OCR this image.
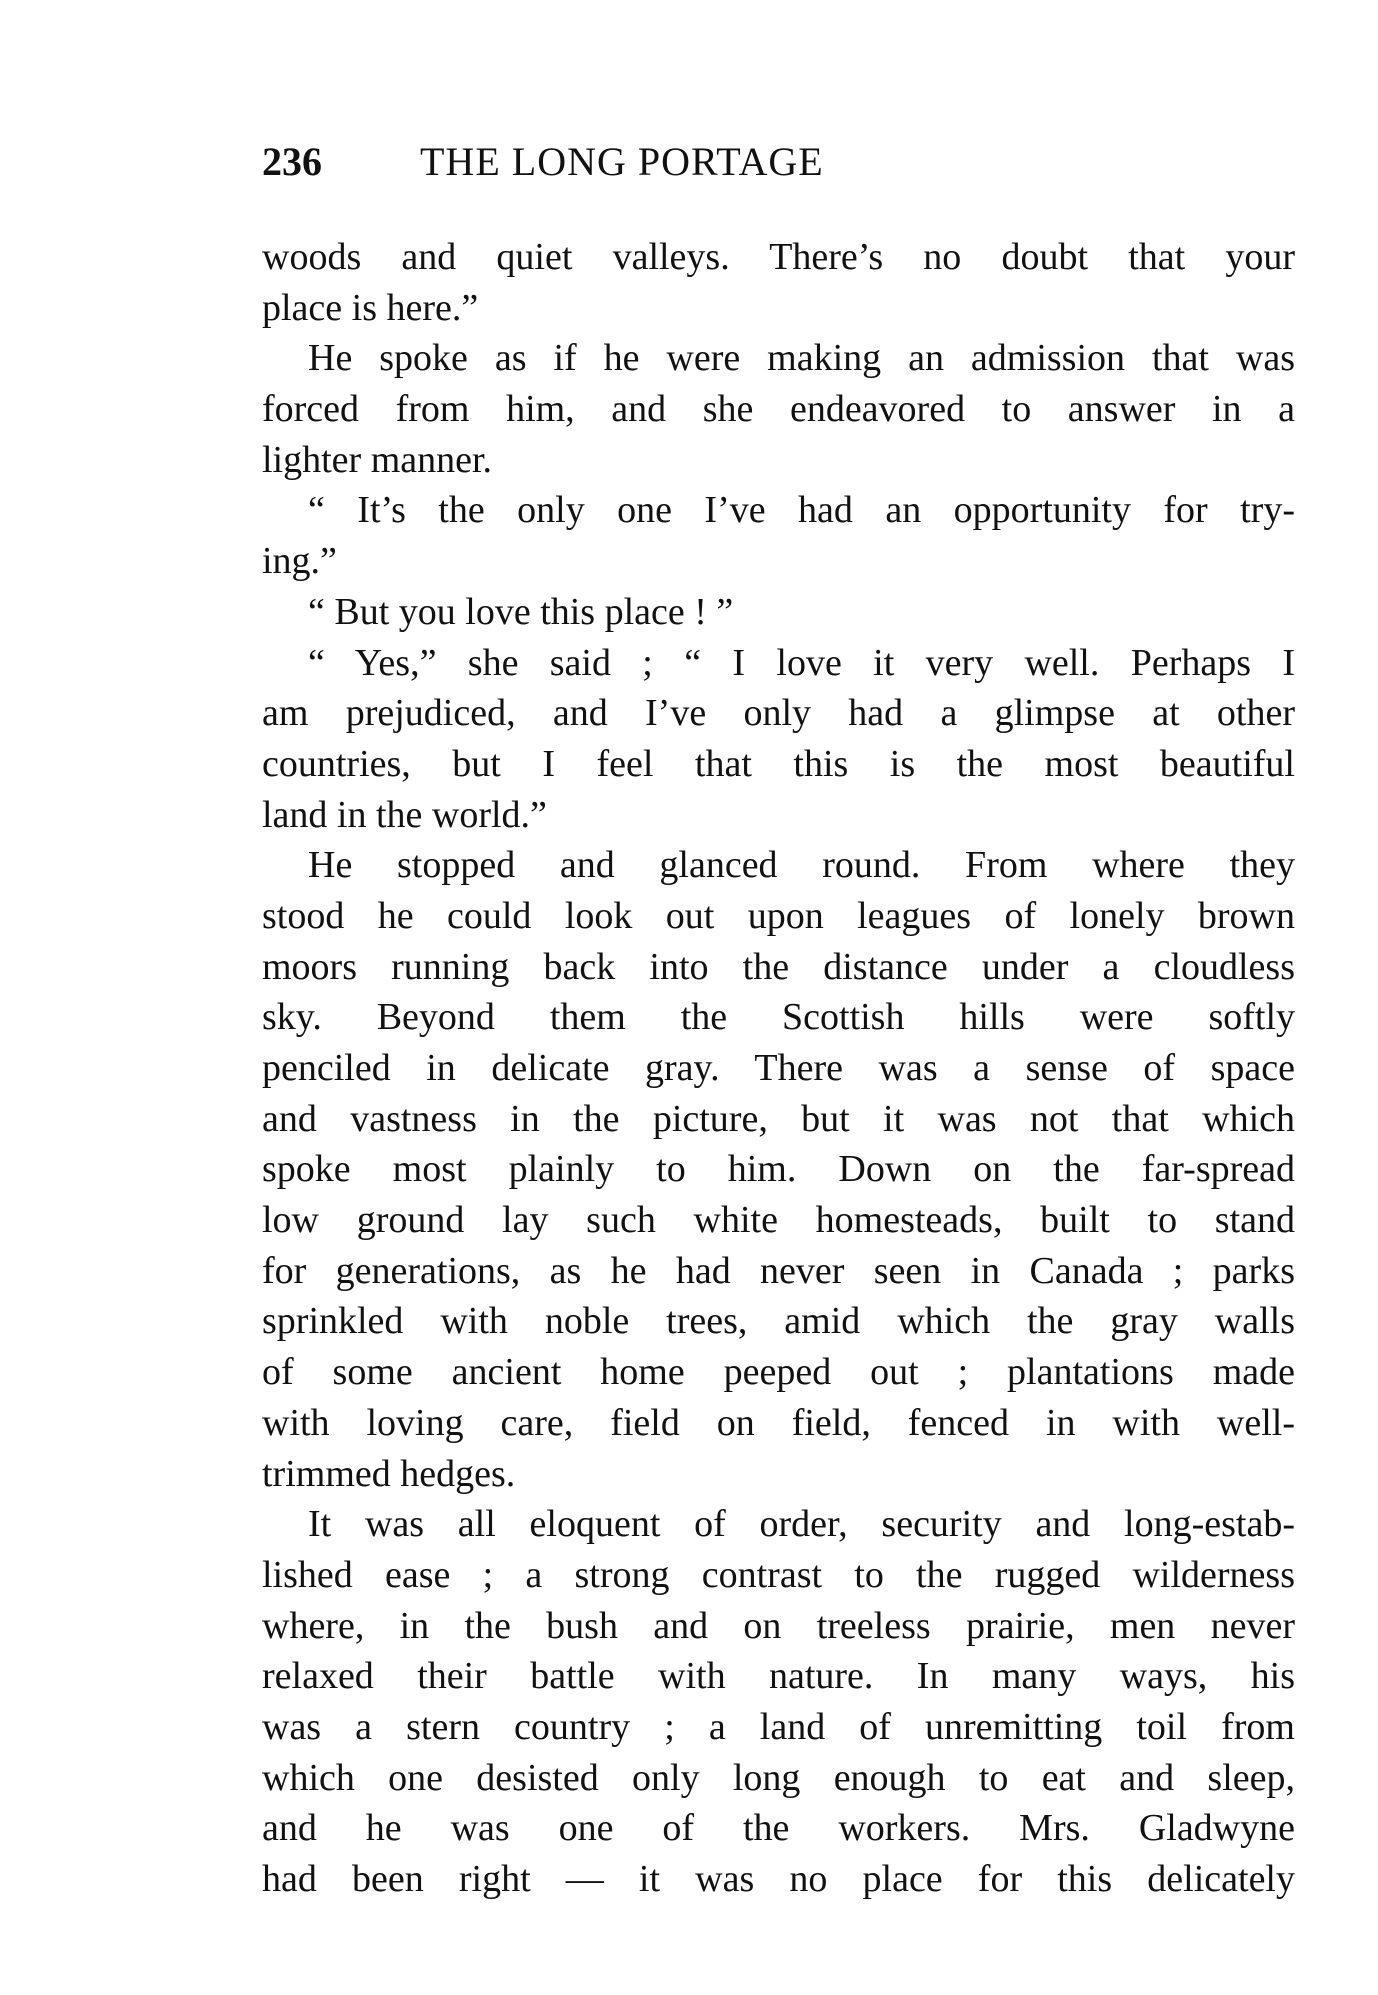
236 THE LONG PORTAGE
woods and quiet valleys. There’s no doubt that your
place is here.”
He spoke as if he were making an admission that was
forced from him, and she endeavored to answer in a
lighter manner.
“ It’s the only one I’ve had an opportunity for try-
ing.”
“ But you love this place ! ”
“ Yes,” she said ; “ I love it very well. Perhaps I
am prejudiced, and I’ve only had a glimpse at other
countries, but I feel that this is the most beautiful
land in the world.”
He stopped and glanced round. From where they
stood he could look out upon leagues of lonely brown
moors running back into the distance under a cloudless
sky. Beyond them the Scottish hills were softly
penciled in delicate gray. There was a sense of space
and vastness in the picture, but it was not that which
spoke most plainly to him. Down on the far-spread
low ground lay such white homesteads, built to stand
for generations, as he had never seen in Canada ; parks
sprinkled with noble trees, amid which the gray walls
of some ancient home peeped out ; plantations made
with loving care, field on field, fenced in with well-
trimmed hedges.
It was all eloquent of order, security and long-estab-
lished ease ; a strong contrast to the rugged wilderness
where, in the bush and on treeless prairie, men never
relaxed their battle with nature. In many ways, his
was a stern country ; a land of unremitting toil from
which one desisted only long enough to eat and sleep,
and he was one of the workers. Mrs. Gladwyne
had been right — it was no place for this delicately
